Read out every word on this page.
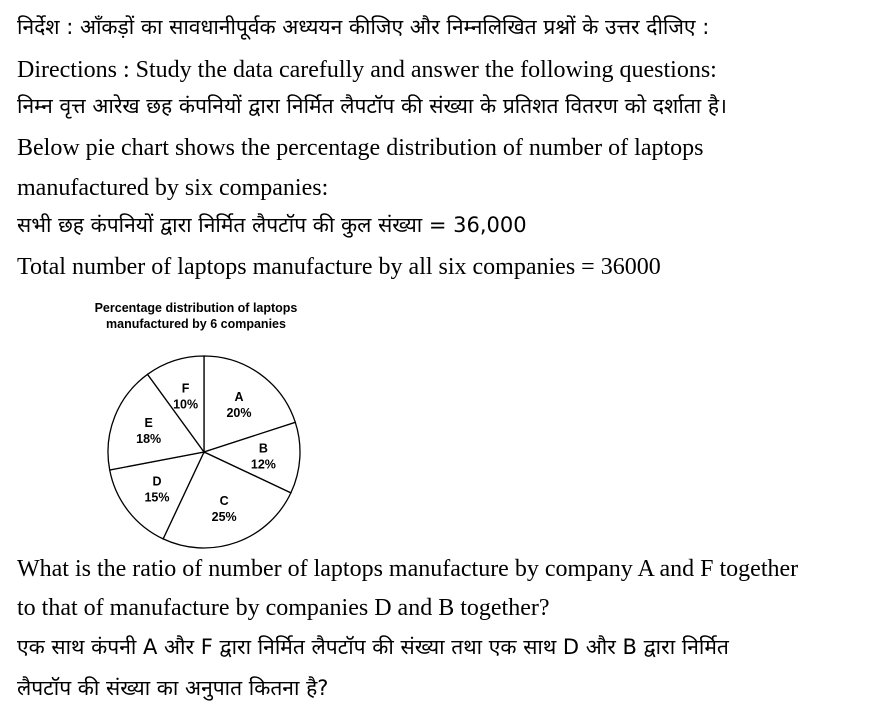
निर्देश : आँकड़ों का सावधानीपूर्वक अध्ययन कीजिए और निम्नलिखित प्रश्नों के उत्तर दीजिए :
Directions : Study the data carefully and answer the following questions:
निम्न वृत्त आरेख छह कंपनियों द्वारा निर्मित लैपटॉप की संख्या के प्रतिशत वितरण को दर्शाता है।
Below pie chart shows the percentage distribution of number of laptops
manufactured by six companies:
सभी छह कंपनियों द्वारा निर्मित लैपटॉप की कुल संख्या = 36,000
Total number of laptops manufacture by all six companies = 36000
Percentage distribution of laptops
manufactured by 6 companies
A
20%
B
12%
C
25%
D
15%
E
18%
F
10%
What is the ratio of number of laptops manufacture by company A and F together
to that of manufacture by companies D and B together?
एक साथ कंपनी A और F द्वारा निर्मित लैपटॉप की संख्या तथा एक साथ D और B द्वारा निर्मित
लैपटॉप की संख्या का अनुपात कितना है?
